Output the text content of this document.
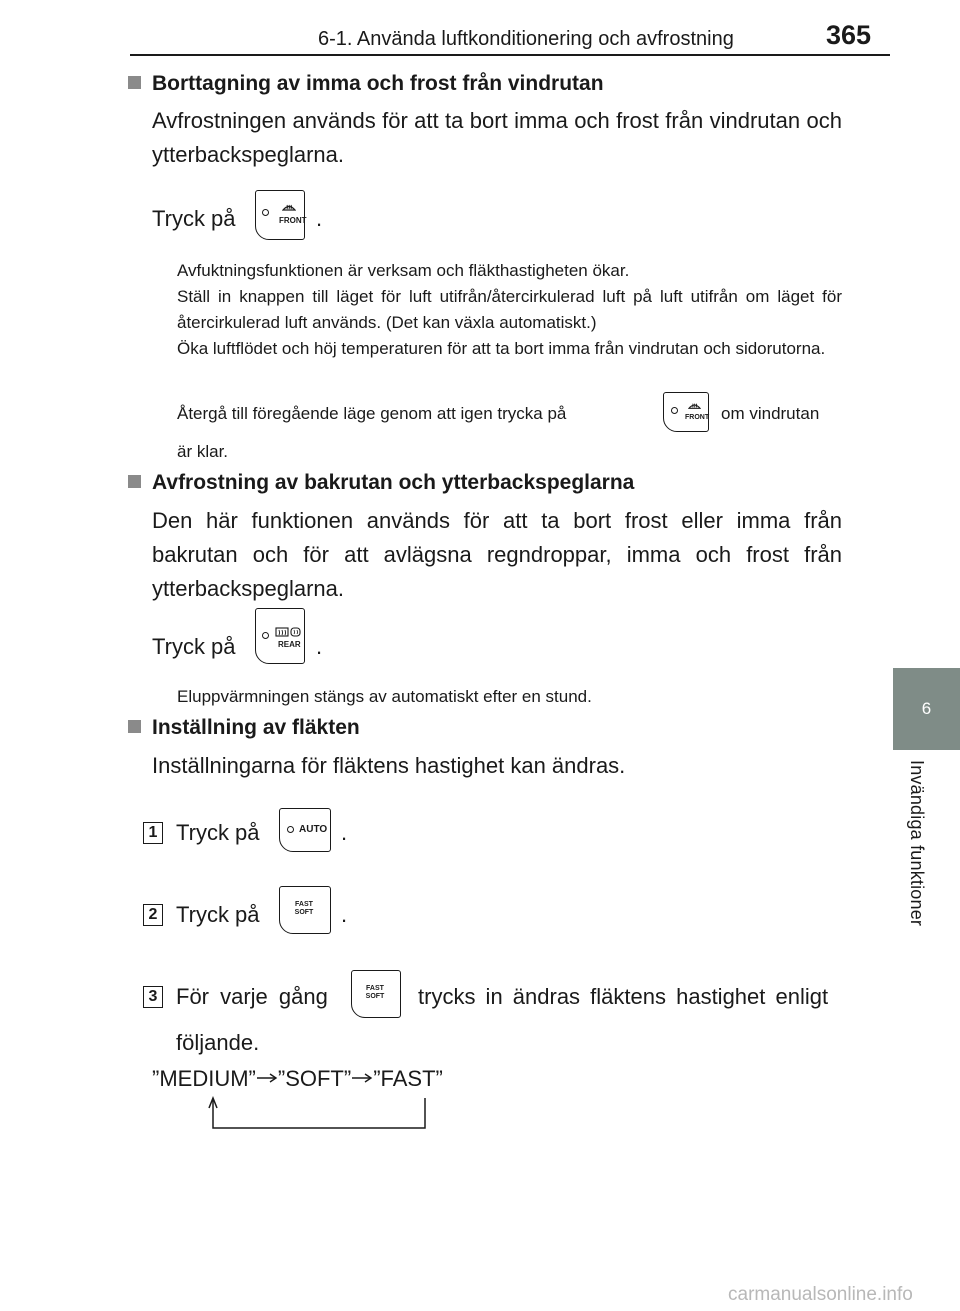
6-1. Använda luftkonditionering och avfrostning	365
6
Invändiga funktioner
Borttagning av imma och frost från vindrutan
Avfrostningen används för att ta bort imma och frost från vindrutan och ytterbackspeglarna.
Tryck på	FRONT .
Avfuktningsfunktionen är verksam och fläkthastigheten ökar.
Ställ in knappen till läget för luft utifrån/återcirkulerad luft på luft utifrån om läget för återcirkulerad luft används. (Det kan växla automatiskt.)
Öka luftflödet och höj temperaturen för att ta bort imma från vindrutan och sidorutorna.
Återgå till föregående läge genom att igen trycka på	FRONT om vindrutan
är klar.
Avfrostning av bakrutan och ytterbackspeglarna
Den här funktionen används för att ta bort frost eller imma från bakrutan och för att avlägsna regndroppar, imma och frost från ytterbackspeglarna.
Tryck på	REAR .
Eluppvärmningen stängs av automatiskt efter en stund.
Inställning av fläkten
Inställningarna för fläktens hastighet kan ändras.
1 Tryck på	AUTO .
2 Tryck på	FAST
SOFT	.
3 För varje gång	FAST
SOFT	trycks in ändras fläktens hastighet enligt
följande.
”MEDIUM” ”SOFT” ”FAST”
carmanualsonline.info
